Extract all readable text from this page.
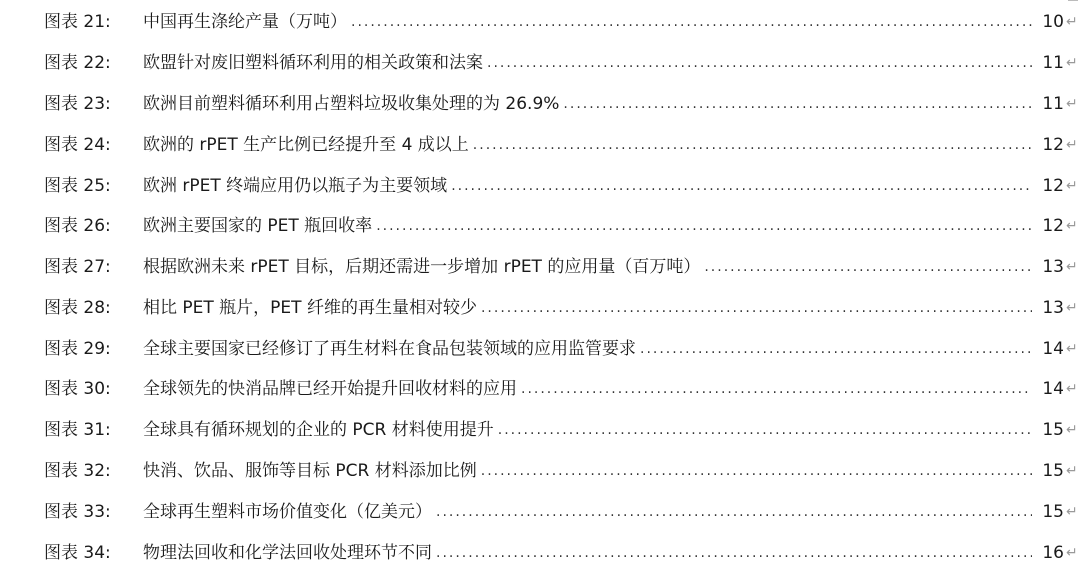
图表 21: 中国再生涤纶产量（万吨） .....	10 ↵
图表 22: 欧盟针对废旧塑料循环利用的相关政策和法案 .....	11 ↵
图表 23: 欧洲目前塑料循环利用占塑料垃圾收集处理的为 26.9% .....	11 ↵
图表 24: 欧洲的 rPET 生产比例已经提升至 4 成以上 .....	12 ↵
图表 25: 欧洲 rPET 终端应用仍以瓶子为主要领域 .....	12 ↵
图表 26: 欧洲主要国家的 PET 瓶回收率 .....	12 ↵
图表 27: 根据欧洲未来 rPET 目标，后期还需进一步增加 rPET 的应用量（百万吨） .....	13 ↵
图表 28: 相比 PET 瓶片，PET 纤维的再生量相对较少 .....	13 ↵
图表 29: 全球主要国家已经修订了再生材料在食品包装领域的应用监管要求 .....	14 ↵
图表 30: 全球领先的快消品牌已经开始提升回收材料的应用 .....	14 ↵
图表 31: 全球具有循环规划的企业的 PCR 材料使用提升 .....	15 ↵
图表 32: 快消、饮品、服饰等目标 PCR 材料添加比例 .....	15 ↵
图表 33: 全球再生塑料市场价值变化（亿美元） .....	15 ↵
图表 34: 物理法回收和化学法回收处理环节不同 .....	16 ↵
